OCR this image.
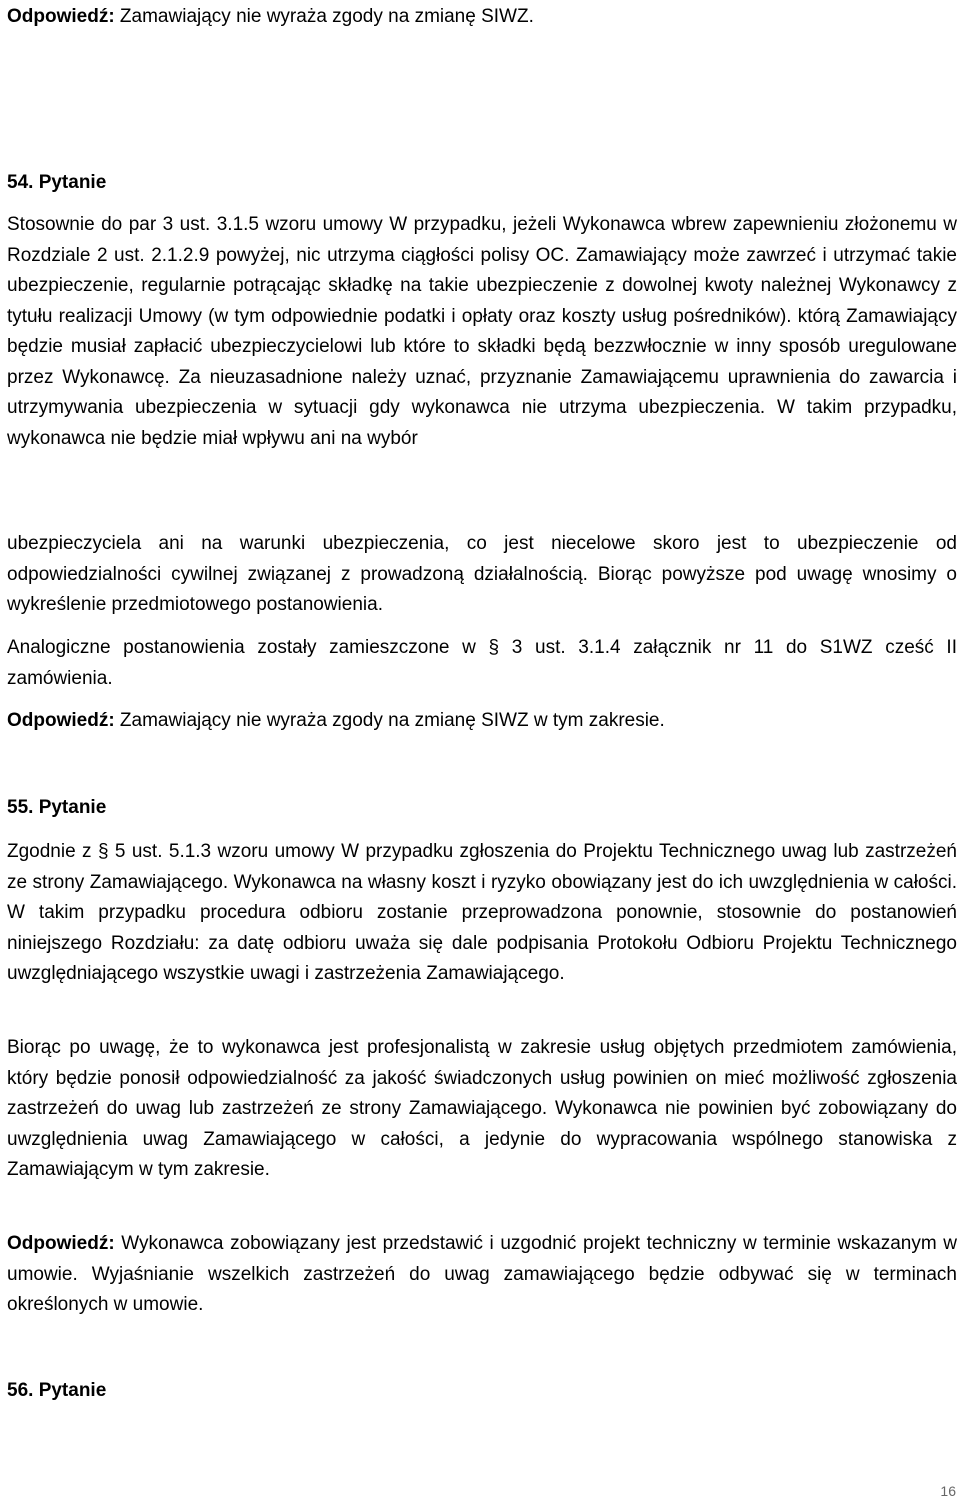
Odpowiedź: Zamawiający nie wyraża zgody na zmianę SIWZ.
54. Pytanie
Stosownie do par 3 ust. 3.1.5 wzoru umowy W przypadku, jeżeli Wykonawca wbrew zapewnieniu złożonemu w Rozdziale 2 ust. 2.1.2.9 powyżej, nic utrzyma ciągłości polisy OC. Zamawiający może zawrzeć i utrzymać takie ubezpieczenie, regularnie potrącając składkę na takie ubezpieczenie z dowolnej kwoty należnej Wykonawcy z tytułu realizacji Umowy (w tym odpowiednie podatki i opłaty oraz koszty usług pośredników). którą Zamawiający będzie musiał zapłacić ubezpieczycielowi lub które to składki będą bezzwłocznie w inny sposób uregulowane przez Wykonawcę. Za nieuzasadnione należy uznać, przyznanie Zamawiającemu uprawnienia do zawarcia i utrzymywania ubezpieczenia w sytuacji gdy wykonawca nie utrzyma ubezpieczenia. W takim przypadku, wykonawca nie będzie miał wpływu ani na wybór
ubezpieczyciela ani na warunki ubezpieczenia, co jest niecelowe skoro jest to ubezpieczenie od odpowiedzialności cywilnej związanej z prowadzoną działalnością. Biorąc powyższe pod uwagę wnosimy o wykreślenie przedmiotowego postanowienia.
Analogiczne postanowienia zostały zamieszczone w § 3 ust. 3.1.4 załącznik nr 11 do S1WZ cześć II zamówienia.
Odpowiedź: Zamawiający nie wyraża zgody na zmianę SIWZ w tym zakresie.
55. Pytanie
Zgodnie z § 5 ust. 5.1.3 wzoru umowy W przypadku zgłoszenia do Projektu Technicznego uwag lub zastrzeżeń ze strony Zamawiającego. Wykonawca na własny koszt i ryzyko obowiązany jest do ich uwzględnienia w całości. W takim przypadku procedura odbioru zostanie przeprowadzona ponownie, stosownie do postanowień niniejszego Rozdziału: za datę odbioru uważa się dale podpisania Protokołu Odbioru Projektu Technicznego uwzględniającego wszystkie uwagi i zastrzeżenia Zamawiającego.
Biorąc po uwagę, że to wykonawca jest profesjonalistą w zakresie usług objętych przedmiotem zamówienia, który będzie ponosił odpowiedzialność za jakość świadczonych usług powinien on mieć możliwość zgłoszenia zastrzeżeń do uwag lub zastrzeżeń ze strony Zamawiającego. Wykonawca nie powinien być zobowiązany do uwzględnienia uwag Zamawiającego w całości, a jedynie do wypracowania wspólnego stanowiska z Zamawiającym w tym zakresie.
Odpowiedź: Wykonawca zobowiązany jest przedstawić i uzgodnić projekt techniczny w terminie wskazanym w umowie. Wyjaśnianie wszelkich zastrzeżeń do uwag zamawiającego będzie odbywać się w terminach określonych w umowie.
56. Pytanie
16
